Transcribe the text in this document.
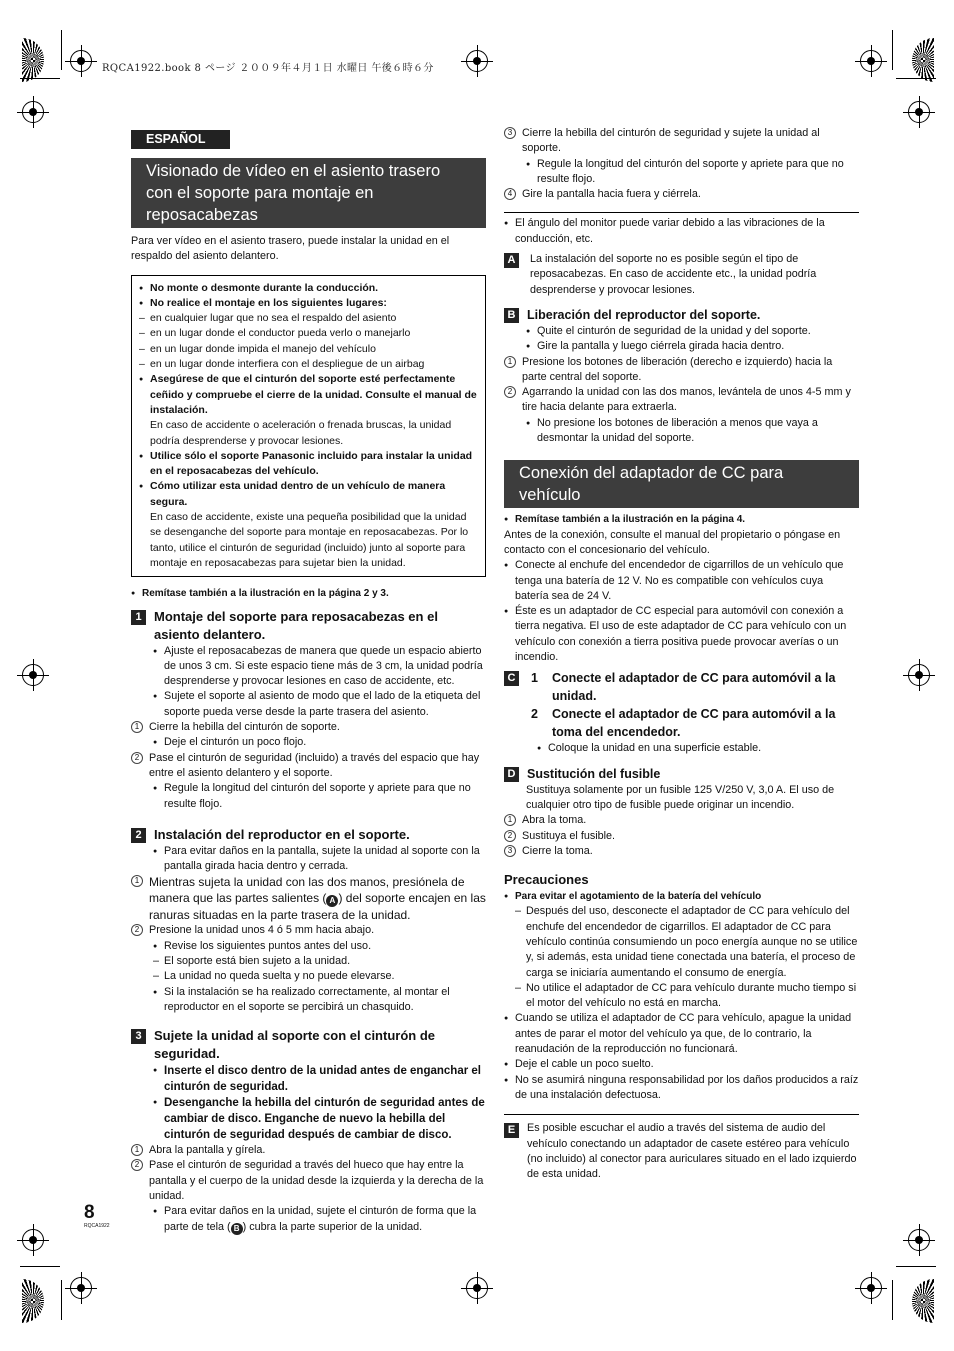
RQCA1922.book 8 ページ ２００９年４月１日 水曜日 午後６時６分
ESPAÑOL
Visionado de vídeo en el asiento trasero con el soporte para montaje en reposacabezas

Para ver vídeo en el asiento trasero, puede instalar la unidad en el respaldo del asiento delantero.

● No monte o desmonte durante la conducción.
● No realice el montaje en los siguientes lugares:
– en cualquier lugar que no sea el respaldo del asiento
– en un lugar donde el conductor pueda verlo o manejarlo
– en un lugar donde impida el manejo del vehículo
– en un lugar donde interfiera con el despliegue de un airbag
● Asegúrese de que el cinturón del soporte esté perfectamente ceñido y compruebe el cierre de la unidad. Consulte el manual de instalación.
En caso de accidente o aceleración o frenada bruscas, la unidad podría desprenderse y provocar lesiones.
● Utilice sólo el soporte Panasonic incluido para instalar la unidad en el reposacabezas del vehículo.
● Cómo utilizar esta unidad dentro de un vehículo de manera segura.
En caso de accidente, existe una pequeña posibilidad que la unidad se desenganche del soporte para montaje en reposacabezas. Por lo tanto, utilice el cinturón de seguridad (incluido) junto al soporte para montaje en reposacabezas para sujetar bien la unidad.
● Remítase también a la ilustración en la página 2 y 3.
1 Montaje del soporte para reposacabezas en el asiento delantero.
● Ajuste el reposacabezas de manera que quede un espacio abierto de unos 3 cm. Si este espacio tiene más de 3 cm, la unidad podría desprenderse y provocar lesiones en caso de accidente, etc.
● Sujete el soporte al asiento de modo que el lado de la etiqueta del soporte pueda verse desde la parte trasera del asiento.
1 Cierre la hebilla del cinturón de soporte.
● Deje el cinturón un poco flojo.
2 Pase el cinturón de seguridad (incluido) a través del espacio que hay entre el asiento delantero y el soporte.
● Regule la longitud del cinturón del soporte y apriete para que no resulte flojo.
2 Instalación del reproductor en el soporte.
● Para evitar daños en la pantalla, sujete la unidad al soporte con la pantalla girada hacia dentro y cerrada.
1 Mientras sujeta la unidad con las dos manos, presiónela de manera que las partes salientes ( A ) del soporte encajen en las ranuras situadas en la parte trasera de la unidad.
2 Presione la unidad unos 4 ó 5 mm hacia abajo.
● Revise los siguientes puntos antes del uso.
– El soporte está bien sujeto a la unidad.
– La unidad no queda suelta y no puede elevarse.
● Si la instalación se ha realizado correctamente, al montar el reproductor en el soporte se percibirá un chasquido.
3 Sujete la unidad al soporte con el cinturón de seguridad.
● Inserte el disco dentro de la unidad antes de enganchar el cinturón de seguridad.
● Desenganche la hebilla del cinturón de seguridad antes de cambiar de disco. Enganche de nuevo la hebilla del cinturón de seguridad después de cambiar de disco.
1 Abra la pantalla y gírela.
2 Pase el cinturón de seguridad a través del hueco que hay entre la pantalla y el cuerpo de la unidad desde la izquierda y la derecha de la unidad.
● Para evitar daños en la unidad, sujete el cinturón de forma que la parte de tela ( B ) cubra la parte superior de la unidad.
8
RQCA1922
3 Cierre la hebilla del cinturón de seguridad y sujete la unidad al soporte.
● Regule la longitud del cinturón del soporte y apriete para que no resulte flojo.
4 Gire la pantalla hacia fuera y ciérrela.
● El ángulo del monitor puede variar debido a las vibraciones de la conducción, etc.
A	La instalación del soporte no es posible según el tipo de reposacabezas. En caso de accidente etc., la unidad podría desprenderse y provocar lesiones.
B Liberación del reproductor del soporte.
● Quite el cinturón de seguridad de la unidad y del soporte.
● Gire la pantalla y luego ciérrela girada hacia dentro.
1 Presione los botones de liberación (derecho e izquierdo) hacia la parte central del soporte.
2 Agarrando la unidad con las dos manos, levántela de unos 4-5 mm y tire hacia delante para extraerla.
● No presione los botones de liberación a menos que vaya a desmontar la unidad del soporte.
Conexión del adaptador de CC para vehículo
● Remítase también a la ilustración en la página 4.

Antes de la conexión, consulte el manual del propietario o póngase en contacto con el concesionario del vehículo.

● Conecte al enchufe del encendedor de cigarrillos de un vehículo que tenga una batería de 12 V. No es compatible con vehículos cuya batería sea de 24 V.
● Éste es un adaptador de CC especial para automóvil con conexión a tierra negativa. El uso de este adaptador de CC para vehículo con un vehículo con conexión a tierra positiva puede provocar averías o un incendio.
C 1 Conecte el adaptador de CC para automóvil a la unidad.
2 Conecte el adaptador de CC para automóvil a la toma del encendedor.
● Coloque la unidad en una superficie estable.
D Sustitución del fusible
Sustituya solamente por un fusible 125 V/250 V, 3,0 A. El uso de cualquier otro tipo de fusible puede originar un incendio.
1 Abra la toma.
2 Sustituya el fusible.
3 Cierre la toma.
Precauciones
● Para evitar el agotamiento de la batería del vehículo
– Después del uso, desconecte el adaptador de CC para vehículo del enchufe del encendedor de cigarrillos. El adaptador de CC para vehículo continúa consumiendo un poco energía aunque no se utilice y, si además, esta unidad tiene conectada una batería, el proceso de carga se iniciaría aumentando el consumo de energía.
– No utilice el adaptador de CC para vehículo durante mucho tiempo si el motor del vehículo no está en marcha.
● Cuando se utiliza el adaptador de CC para vehículo, apague la unidad antes de parar el motor del vehículo ya que, de lo contrario, la reanudación de la reproducción no funcionará.
● Deje el cable un poco suelto.
● No se asumirá ninguna responsabilidad por los daños producidos a raíz de una instalación defectuosa.
E	Es posible escuchar el audio a través del sistema de audio del vehículo conectando un adaptador de casete estéreo para vehículo (no incluido) al conector para auriculares situado en el lado izquierdo de esta unidad.
